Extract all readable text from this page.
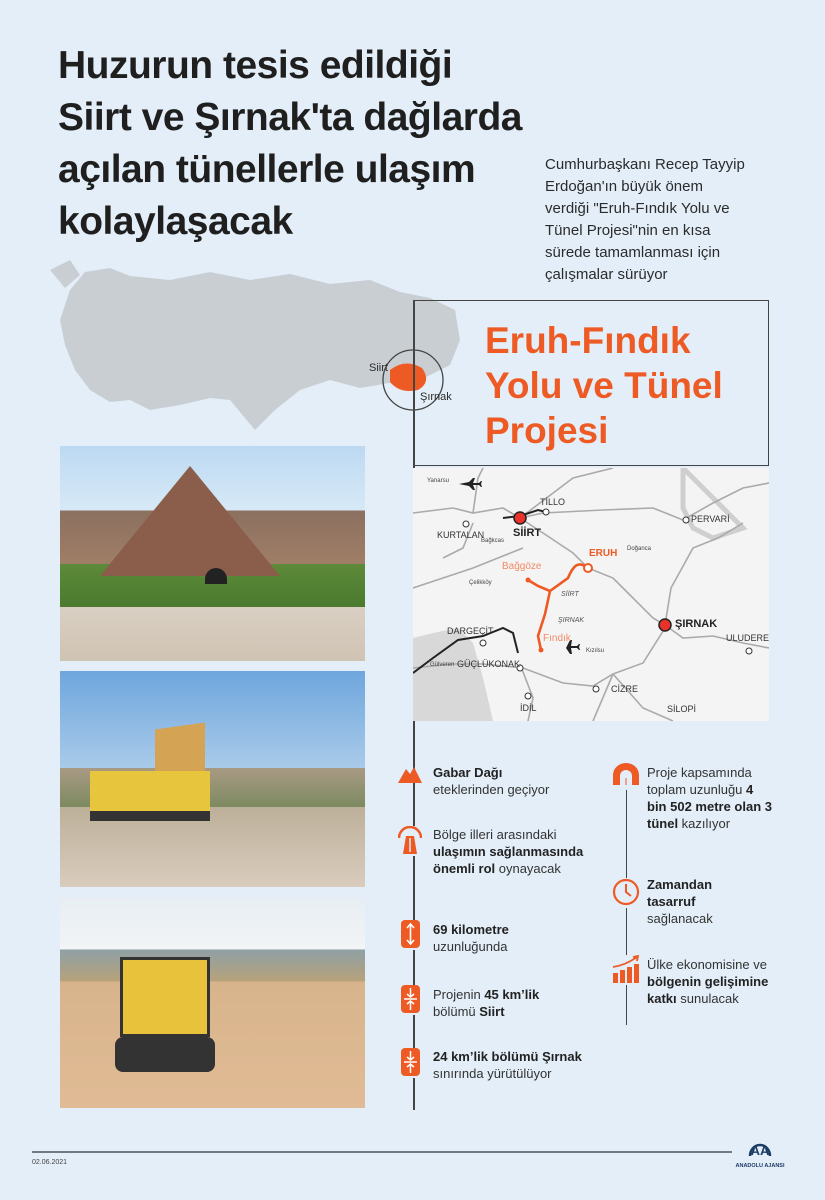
Huzurun tesis edildiği
Siirt ve Şırnak'ta dağlarda
açılan tünellerle ulaşım
kolaylaşacak
Cumhurbaşkanı Recep Tayyip
Erdoğan'ın büyük önem
verdiği "Eruh-Fındık Yolu ve
Tünel Projesi"nin en kısa
sürede tamamlanması için
çalışmalar sürüyor
Siirt
Şırnak
Eruh-Fındık
Yolu ve Tünel
Projesi
Yanarsu
TİLLO
SİİRT
KURTALAN
Bağkcas
PERVARİ
Doğanca
ERUH
Bağgöze
Çelikköy
SİİRT
ŞIRNAK	ŞIRNAK
Fındık
DARGEÇİT
Kızılsu
ULUDERE
Gülveren GÜÇLÜKONAK
CİZRE
İDİL	SİLOPİ
Gabar Dağı
eteklerinden geçiyor
Bölge illeri arasındaki ulaşımın sağlanmasında önemli rol oynayacak
69 kilometre
uzunluğunda
Projenin 45 km’lik
bölümü Siirt
24 km’lik bölümü Şırnak sınırında yürütülüyor
Proje kapsamında toplam uzunluğu 4 bin 502 metre olan 3 tünel kazılıyor
Zamandan tasarruf sağlanacak
Ülke ekonomisine ve bölgenin gelişimine katkı sunulacak
02.06.2021
AA
ANADOLU AJANSI
